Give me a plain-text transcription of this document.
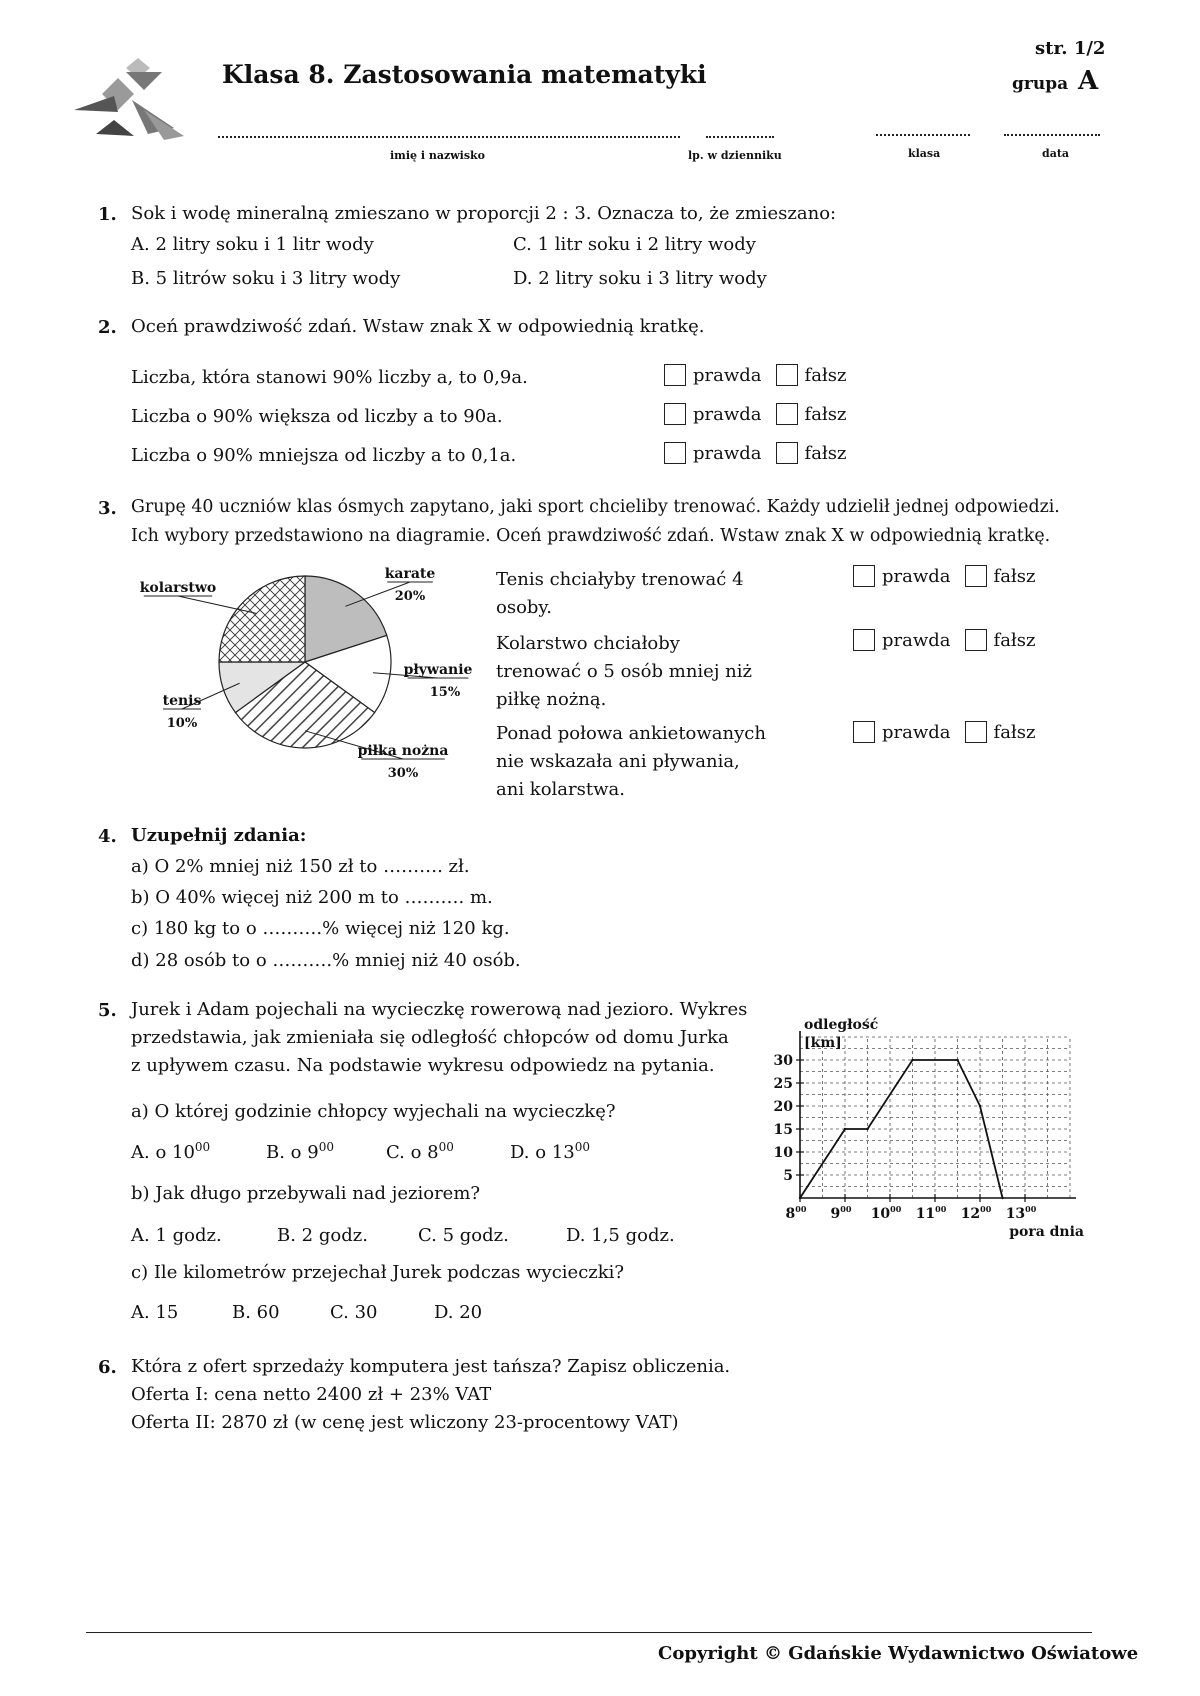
Klasa 8. Zastosowania matematyki
str. 1/2
grupa A
imię i nazwisko	lp. w dzienniku	klasa	data
1. Sok i wodę mineralną zmieszano w proporcji 2 : 3. Oznacza to, że zmieszano:
A. 2 litry soku i 1 litr wody	C. 1 litr soku i 2 litry wody
B. 5 litrów soku i 3 litry wody	D. 2 litry soku i 3 litry wody
2. Oceń prawdziwość zdań. Wstaw znak X w odpowiednią kratkę.
Liczba, która stanowi 90% liczby a, to 0,9a.	prawda fałsz
Liczba o 90% większa od liczby a to 90a.	prawda fałsz
Liczba o 90% mniejsza od liczby a to 0,1a.	prawda fałsz
3. Grupę 40 uczniów klas ósmych zapytano, jaki sport chcieliby trenować. Każdy udzielił jednej odpowiedzi.
Ich wybory przedstawiono na diagramie. Oceń prawdziwość zdań. Wstaw znak X w odpowiednią kratkę.
karate
20%
pływanie
15%
piłka nożna
30%
tenis
10%
kolarstwo	Tenis chciałyby trenować 4 osoby.
prawda fałsz
Kolarstwo chciałoby trenować o 5 osób mniej niż piłkę nożną.
prawda fałsz
Ponad połowa ankietowanych nie wskazała ani pływania, ani kolarstwa.
prawda fałsz
4. Uzupełnij zdania:
a) O 2% mniej niż 150 zł to ………. zł.
b) O 40% więcej niż 200 m to ………. m.
c) 180 kg to o ……….% więcej niż 120 kg.
d) 28 osób to o ……….% mniej niż 40 osób.
5. Jurek i Adam pojechali na wycieczkę rowerową nad jezioro. Wykres
przedstawia, jak zmieniała się odległość chłopców od domu Jurka
z upływem czasu. Na podstawie wykresu odpowiedz na pytania.
a) O której godzinie chłopcy wyjechali na wycieczkę?
A. o $10^{00}$	B. o $9^{00}$	C. o $8^{00}$	D. o $13^{00}$
b) Jak długo przebywali nad jeziorem?
A. 1 godz.	B. 2 godz.	C. 5 godz.	D. 1,5 godz.
c) Ile kilometrów przejechał Jurek podczas wycieczki?
A. 15	B. 60	C. 30	D. 20
5
10
15
20
25
30
$8^{00}$ $9^{00}$ $10^{00}$ $11^{00}$ $12^{00}$ $13^{00}$
odległość
[km]
pora dnia
6. Która z ofert sprzedaży komputera jest tańsza? Zapisz obliczenia.
Oferta I: cena netto 2400 zł + 23% VAT
Oferta II: 2870 zł (w cenę jest wliczony 23-procentowy VAT)
Copyright © Gdańskie Wydawnictwo Oświatowe
